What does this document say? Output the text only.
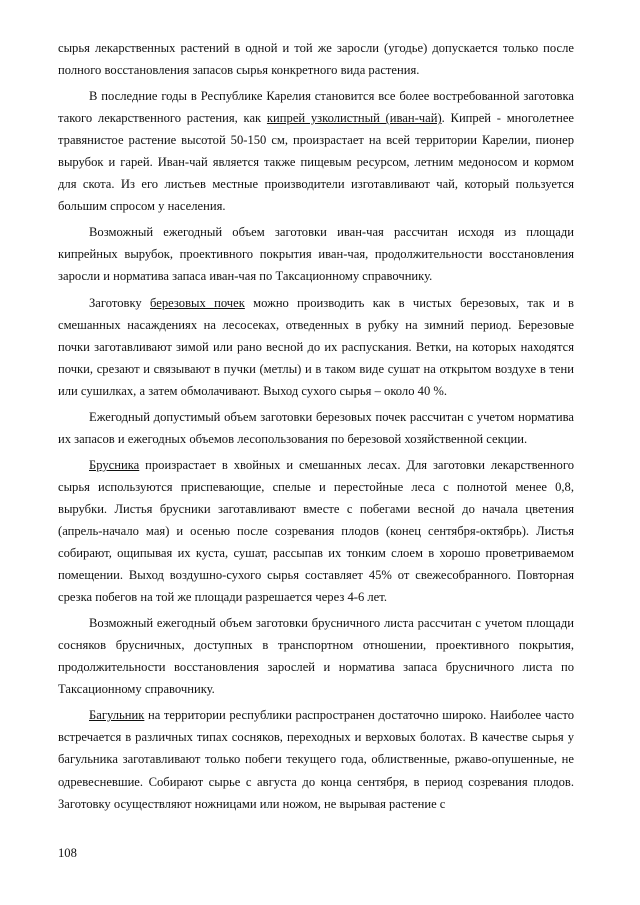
сырья лекарственных растений в одной и той же заросли (угодье) допускается только после полного восстановления запасов сырья конкретного вида растения.

В последние годы в Республике Карелия становится все более востребованной заготовка такого лекарственного растения, как кипрей узколистный (иван-чай). Кипрей - многолетнее травянистое растение высотой 50-150 см, произрастает на всей территории Карелии, пионер вырубок и гарей. Иван-чай является также пищевым ресурсом, летним медоносом и кормом для скота. Из его листьев местные производители изготавливают чай, который пользуется большим спросом у населения.

Возможный ежегодный объем заготовки иван-чая рассчитан исходя из площади кипрейных вырубок, проективного покрытия иван-чая, продолжительности восстановления заросли и норматива запаса иван-чая по Таксационному справочнику.

Заготовку березовых почек можно производить как в чистых березовых, так и в смешанных насаждениях на лесосеках, отведенных в рубку на зимний период. Березовые почки заготавливают зимой или рано весной до их распускания. Ветки, на которых находятся почки, срезают и связывают в пучки (метлы) и в таком виде сушат на открытом воздухе в тени или сушилках, а затем обмолачивают. Выход сухого сырья – около 40 %.

Ежегодный допустимый объем заготовки березовых почек рассчитан с учетом норматива их запасов и ежегодных объемов лесопользования по березовой хозяйственной секции.

Брусника произрастает в хвойных и смешанных лесах. Для заготовки лекарственного сырья используются приспевающие, спелые и перестойные леса с полнотой менее 0,8, вырубки. Листья брусники заготавливают вместе с побегами весной до начала цветения (апрель-начало мая) и осенью после созревания плодов (конец сентября-октябрь). Листья собирают, ощипывая их куста, сушат, рассыпав их тонким слоем в хорошо проветриваемом помещении. Выход воздушно-сухого сырья составляет 45% от свежесобранного. Повторная срезка побегов на той же площади разрешается через 4-6 лет.

Возможный ежегодный объем заготовки брусничного листа рассчитан с учетом площади сосняков брусничных, доступных в транспортном отношении, проективного покрытия, продолжительности восстановления зарослей и норматива запаса брусничного листа по Таксационному справочнику.

Багульник на территории республики распространен достаточно широко. Наиболее часто встречается в различных типах сосняков, переходных и верховых болотах. В качестве сырья у багульника заготавливают только побеги текущего года, облиственные, ржаво-опушенные, не одревесневшие. Собирают сырье с августа до конца сентября, в период созревания плодов. Заготовку осуществляют ножницами или ножом, не вырывая растение с

108
